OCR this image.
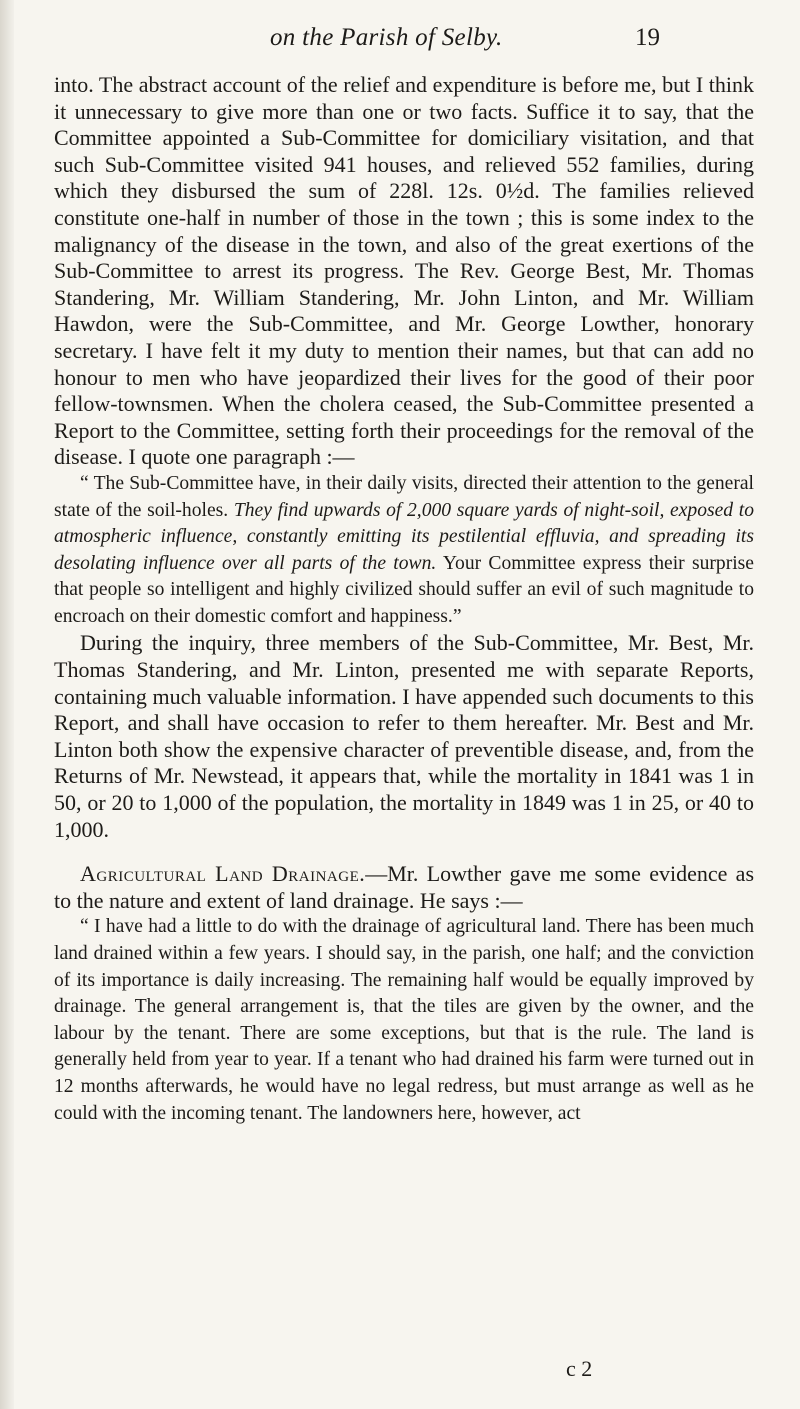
on the Parish of Selby.	19

into. The abstract account of the relief and expenditure is before me, but I think it unnecessary to give more than one or two facts. Suffice it to say, that the Committee appointed a Sub-Committee for domiciliary visitation, and that such Sub-Committee visited 941 houses, and relieved 552 families, during which they disbursed the sum of 228l. 12s. 0½d. The families relieved constitute one-half in number of those in the town ; this is some index to the malignancy of the disease in the town, and also of the great exertions of the Sub-Committee to arrest its progress. The Rev. George Best, Mr. Thomas Standering, Mr. William Standering, Mr. John Linton, and Mr. William Hawdon, were the Sub-Committee, and Mr. George Lowther, honorary secretary. I have felt it my duty to mention their names, but that can add no honour to men who have jeopardized their lives for the good of their poor fellow-townsmen. When the cholera ceased, the Sub-Committee presented a Report to the Committee, setting forth their proceedings for the removal of the disease. I quote one paragraph :—

“ The Sub-Committee have, in their daily visits, directed their attention to the general state of the soil-holes. They find upwards of 2,000 square yards of night-soil, exposed to atmospheric influence, constantly emitting its pestilential effluvia, and spreading its desolating influence over all parts of the town. Your Committee express their surprise that people so intelligent and highly civilized should suffer an evil of such magnitude to encroach on their domestic comfort and happiness.”

During the inquiry, three members of the Sub-Committee, Mr. Best, Mr. Thomas Standering, and Mr. Linton, presented me with separate Reports, containing much valuable information. I have appended such documents to this Report, and shall have occasion to refer to them hereafter. Mr. Best and Mr. Linton both show the expensive character of preventible disease, and, from the Returns of Mr. Newstead, it appears that, while the mortality in 1841 was 1 in 50, or 20 to 1,000 of the population, the mortality in 1849 was 1 in 25, or 40 to 1,000.

Agricultural Land Drainage.—Mr. Lowther gave me some evidence as to the nature and extent of land drainage. He says :—

“ I have had a little to do with the drainage of agricultural land. There has been much land drained within a few years. I should say, in the parish, one half; and the conviction of its importance is daily increasing. The remaining half would be equally improved by drainage. The general arrangement is, that the tiles are given by the owner, and the labour by the tenant. There are some exceptions, but that is the rule. The land is generally held from year to year. If a tenant who had drained his farm were turned out in 12 months afterwards, he would have no legal redress, but must arrange as well as he could with the incoming tenant. The landowners here, however, act

c 2
